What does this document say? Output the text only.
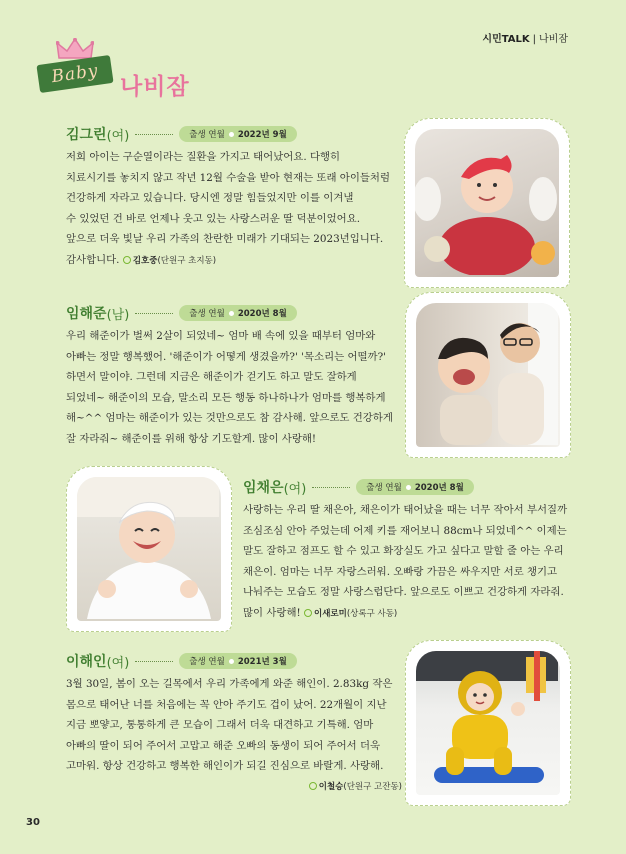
시민TALK | 나비잠
Baby 나비잠
김그린 (여)	출생 연월 2022년 9월
저희 아이는 구순열이라는 질환을 가지고 태어났어요. 다행히
치료시기를 놓치지 않고 작년 12월 수술을 받아 현재는 또래 아이들처럼
건강하게 자라고 있습니다. 당시엔 정말 힘들었지만 이를 이겨낼
수 있었던 건 바로 언제나 웃고 있는 사랑스러운 딸 덕분이었어요.
앞으로 더욱 빛날 우리 가족의 찬란한 미래가 기대되는 2023년입니다.
감사합니다. 김호중(단원구 초지동)
임해준 (남)	출생 연월 2020년 8월
우리 해준이가 벌써 2살이 되었네~ 엄마 배 속에 있을 때부터 엄마와
아빠는 정말 행복했어. '해준이가 어떻게 생겼을까?' '목소리는 어떨까?'
하면서 말이야. 그런데 지금은 해준이가 걷기도 하고 말도 잘하게
되었네~ 해준이의 모습, 말소리 모든 행동 하나하나가 엄마를 행복하게
해~^^ 엄마는 해준이가 있는 것만으로도 참 감사해. 앞으로도 건강하게
잘 자라줘~ 해준이를 위해 항상 기도할게. 많이 사랑해!
임채은 (여)	출생 연월 2020년 8월
사랑하는 우리 딸 채은아, 채은이가 태어났을 때는 너무 작아서 부서질까
조심조심 안아 주었는데 어제 키를 재어보니 88cm나 되었네^^ 이제는
말도 잘하고 점프도 할 수 있고 화장실도 가고 싶다고 말할 줄 아는 우리
채은이. 엄마는 너무 자랑스러워. 오빠랑 가끔은 싸우지만 서로 챙기고
나눠주는 모습도 정말 사랑스럽단다. 앞으로도 이쁘고 건강하게 자라줘.
많이 사랑해! 이새로미(상록구 사동)
이해인 (여)	출생 연월 2021년 3월
3월 30일, 봄이 오는 길목에서 우리 가족에게 와준 해인이. 2.83kg 작은
몸으로 태어난 너를 처음에는 꼭 안아 주기도 겁이 났어. 22개월이 지난
지금 뽀얗고, 통통하게 큰 모습이 그래서 더욱 대견하고 기특해. 엄마
아빠의 딸이 되어 주어서 고맙고 해준 오빠의 동생이 되어 주어서 더욱
고마워. 항상 건강하고 행복한 해인이가 되길 진심으로 바랄게. 사랑해.
이철승(단원구 고잔동)
30
